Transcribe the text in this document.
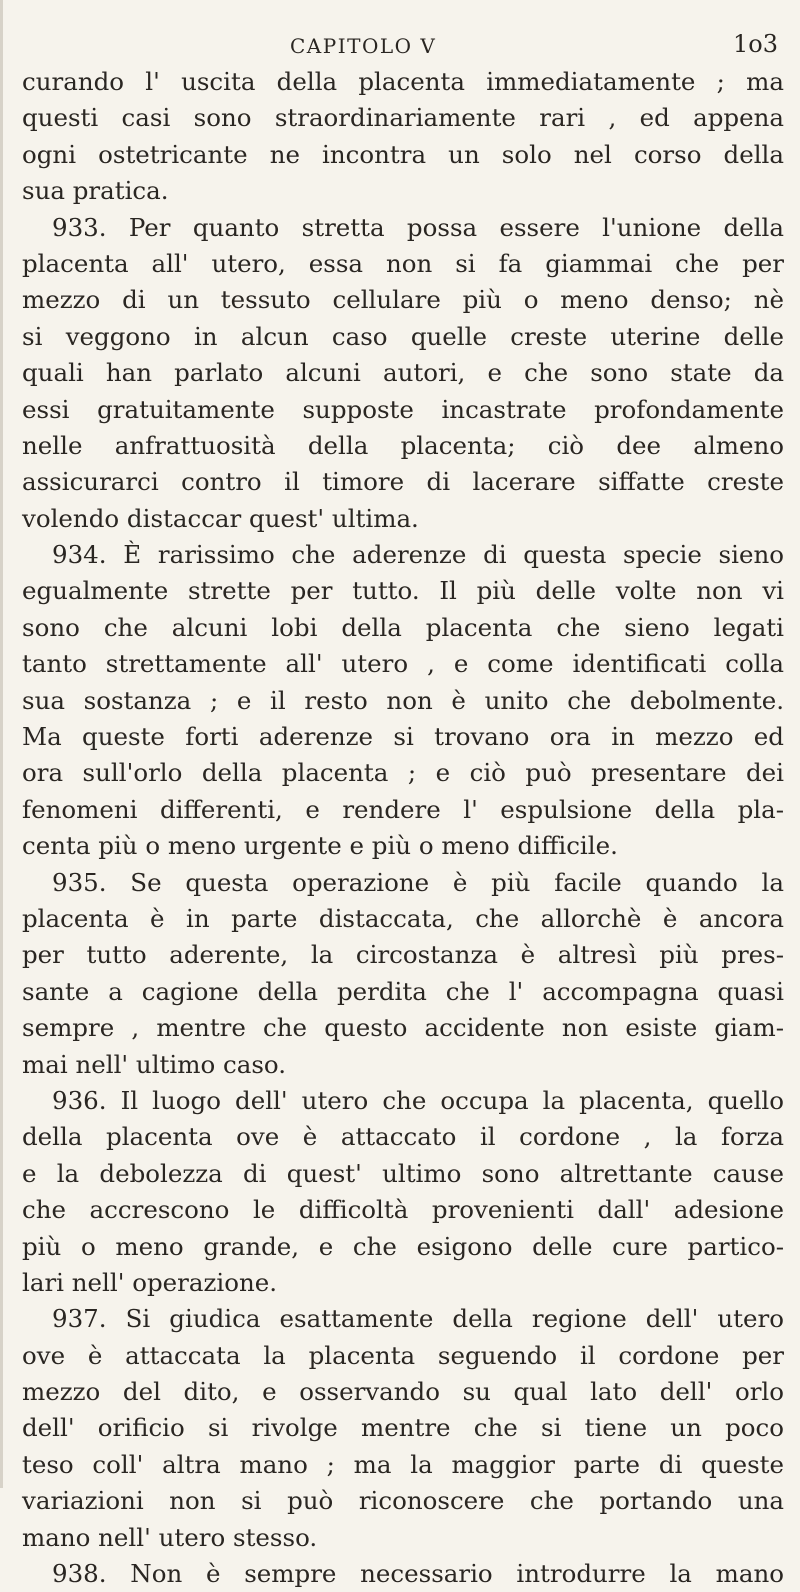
CAPITOLO V	1o3
curando l' uscita della placenta immediatamente ; ma
questi casi sono straordinariamente rari , ed appena
ogni ostetricante ne incontra un solo nel corso della
sua pratica.
933. Per quanto stretta possa essere l'unione della
placenta all' utero, essa non si fa giammai che per
mezzo di un tessuto cellulare più o meno denso; nè
si veggono in alcun caso quelle creste uterine delle
quali han parlato alcuni autori, e che sono state da
essi gratuitamente supposte incastrate profondamente
nelle anfrattuosità della placenta; ciò dee almeno
assicurarci contro il timore di lacerare siffatte creste
volendo distaccar quest' ultima.
934. È rarissimo che aderenze di questa specie sieno
egualmente strette per tutto. Il più delle volte non vi
sono che alcuni lobi della placenta che sieno legati
tanto strettamente all' utero , e come identificati colla
sua sostanza ; e il resto non è unito che debolmente.
Ma queste forti aderenze si trovano ora in mezzo ed
ora sull'orlo della placenta ; e ciò può presentare dei
fenomeni differenti, e rendere l' espulsione della pla-
centa più o meno urgente e più o meno difficile.
935. Se questa operazione è più facile quando la
placenta è in parte distaccata, che allorchè è ancora
per tutto aderente, la circostanza è altresì più pres-
sante a cagione della perdita che l' accompagna quasi
sempre , mentre che questo accidente non esiste giam-
mai nell' ultimo caso.
936. Il luogo dell' utero che occupa la placenta, quello
della placenta ove è attaccato il cordone , la forza
e la debolezza di quest' ultimo sono altrettante cause
che accrescono le difficoltà provenienti dall' adesione
più o meno grande, e che esigono delle cure partico-
lari nell' operazione.
937. Si giudica esattamente della regione dell' utero
ove è attaccata la placenta seguendo il cordone per
mezzo del dito, e osservando su qual lato dell' orlo
dell' orificio si rivolge mentre che si tiene un poco
teso coll' altra mano ; ma la maggior parte di queste
variazioni non si può riconoscere che portando una
mano nell' utero stesso.
938. Non è sempre necessario introdurre la mano
